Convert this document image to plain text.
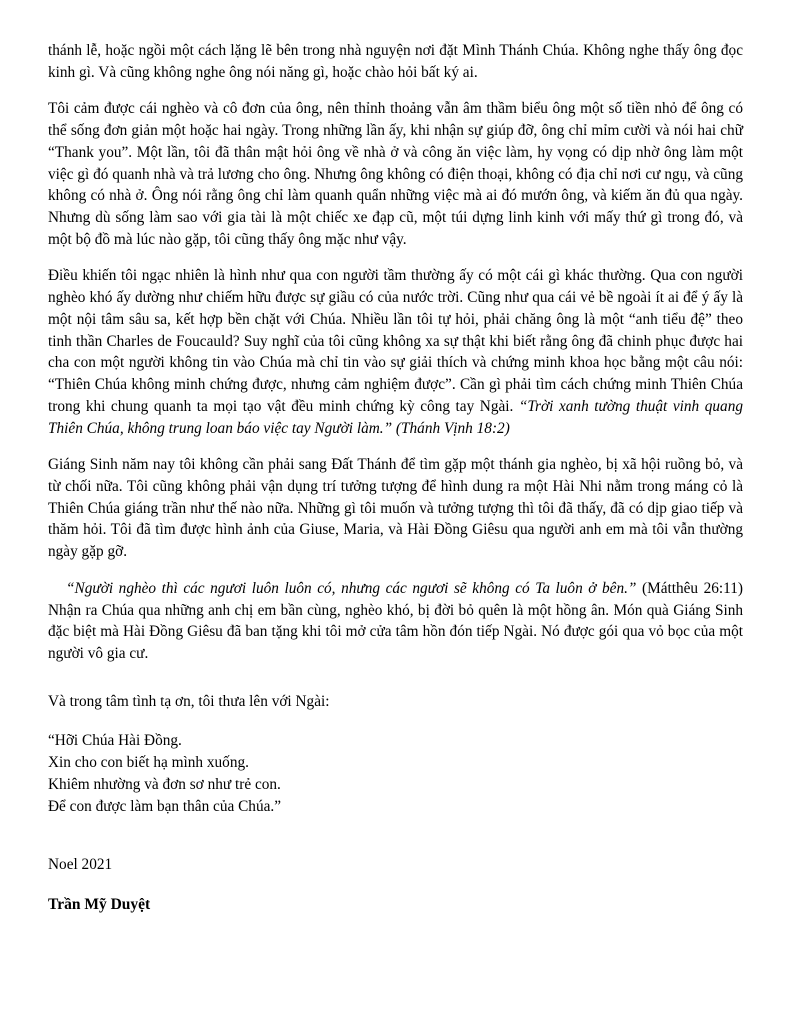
thánh lễ, hoặc ngồi một cách lặng lẽ bên trong nhà nguyện nơi đặt Mình Thánh Chúa. Không nghe thấy ông đọc kinh gì. Và cũng không nghe ông nói năng gì, hoặc chào hỏi bất ký ai.

Tôi cảm được cái nghèo và cô đơn của ông, nên thỉnh thoảng vẫn âm thầm biểu ông một số tiền nhỏ để ông có thể sống đơn giản một hoặc hai ngày. Trong những lần ấy, khi nhận sự giúp đỡ, ông chỉ mỉm cười và nói hai chữ “Thank you”. Một lần, tôi đã thân mật hỏi ông về nhà ở và công ăn việc làm, hy vọng có dịp nhờ ông làm một việc gì đó quanh nhà và trả lương cho ông. Nhưng ông không có điện thoại, không có địa chỉ nơi cư ngụ, và cũng không có nhà ở. Ông nói rằng ông chỉ làm quanh quẩn những việc mà ai đó mướn ông, và kiếm ăn đủ qua ngày. Nhưng dù sống làm sao với gia tài là một chiếc xe đạp cũ, một túi dựng linh kinh với mấy thứ gì trong đó, và một bộ đồ mà lúc nào gặp, tôi cũng thấy ông mặc như vậy.

Điều khiến tôi ngạc nhiên là hình như qua con người tầm thường ấy có một cái gì khác thường. Qua con người nghèo khó ấy dường như chiếm hữu được sự giầu có của nước trời. Cũng như qua cái vẻ bề ngoài ít ai để ý ấy là một nội tâm sâu sa, kết hợp bền chặt với Chúa. Nhiều lần tôi tự hỏi, phải chăng ông là một “anh tiểu đệ” theo tinh thần Charles de Foucauld? Suy nghĩ của tôi cũng không xa sự thật khi biết rằng ông đã chinh phục được hai cha con một người không tin vào Chúa mà chỉ tin vào sự giải thích và chứng minh khoa học bằng một câu nói: “Thiên Chúa không minh chứng được, nhưng cảm nghiệm được”. Cần gì phải tìm cách chứng minh Thiên Chúa trong khi chung quanh ta mọi tạo vật đều minh chứng kỳ công tay Ngài. “Trời xanh tường thuật vinh quang Thiên Chúa, không trung loan báo việc tay Người làm.” (Thánh Vịnh 18:2)

Giáng Sinh năm nay tôi không cần phải sang Đất Thánh để tìm gặp một thánh gia nghèo, bị xã hội ruồng bỏ, và từ chối nữa. Tôi cũng không phải vận dụng trí tưởng tượng để hình dung ra một Hài Nhi nằm trong máng cỏ là Thiên Chúa giáng trần như thế nào nữa. Những gì tôi muốn và tưởng tượng thì tôi đã thấy, đã có dịp giao tiếp và thăm hỏi. Tôi đã tìm được hình ảnh của Giuse, Maria, và Hài Đồng Giêsu qua người anh em mà tôi vẫn thường ngày gặp gỡ.

“Người nghèo thì các ngươi luôn luôn có, nhưng các ngươi sẽ không có Ta luôn ở bên.” (Mátthêu 26:11) Nhận ra Chúa qua những anh chị em bần cùng, nghèo khó, bị đời bỏ quên là một hồng ân. Món quà Giáng Sinh đặc biệt mà Hài Đồng Giêsu đã ban tặng khi tôi mở cửa tâm hồn đón tiếp Ngài. Nó được gói qua vỏ bọc của một người vô gia cư.

Và trong tâm tình tạ ơn, tôi thưa lên với Ngài:

“Hỡi Chúa Hài Đồng.

Xin cho con biết hạ mình xuống.

Khiêm nhường và đơn sơ như trẻ con.

Để con được làm bạn thân của Chúa.”

Noel 2021

Trần Mỹ Duyệt
